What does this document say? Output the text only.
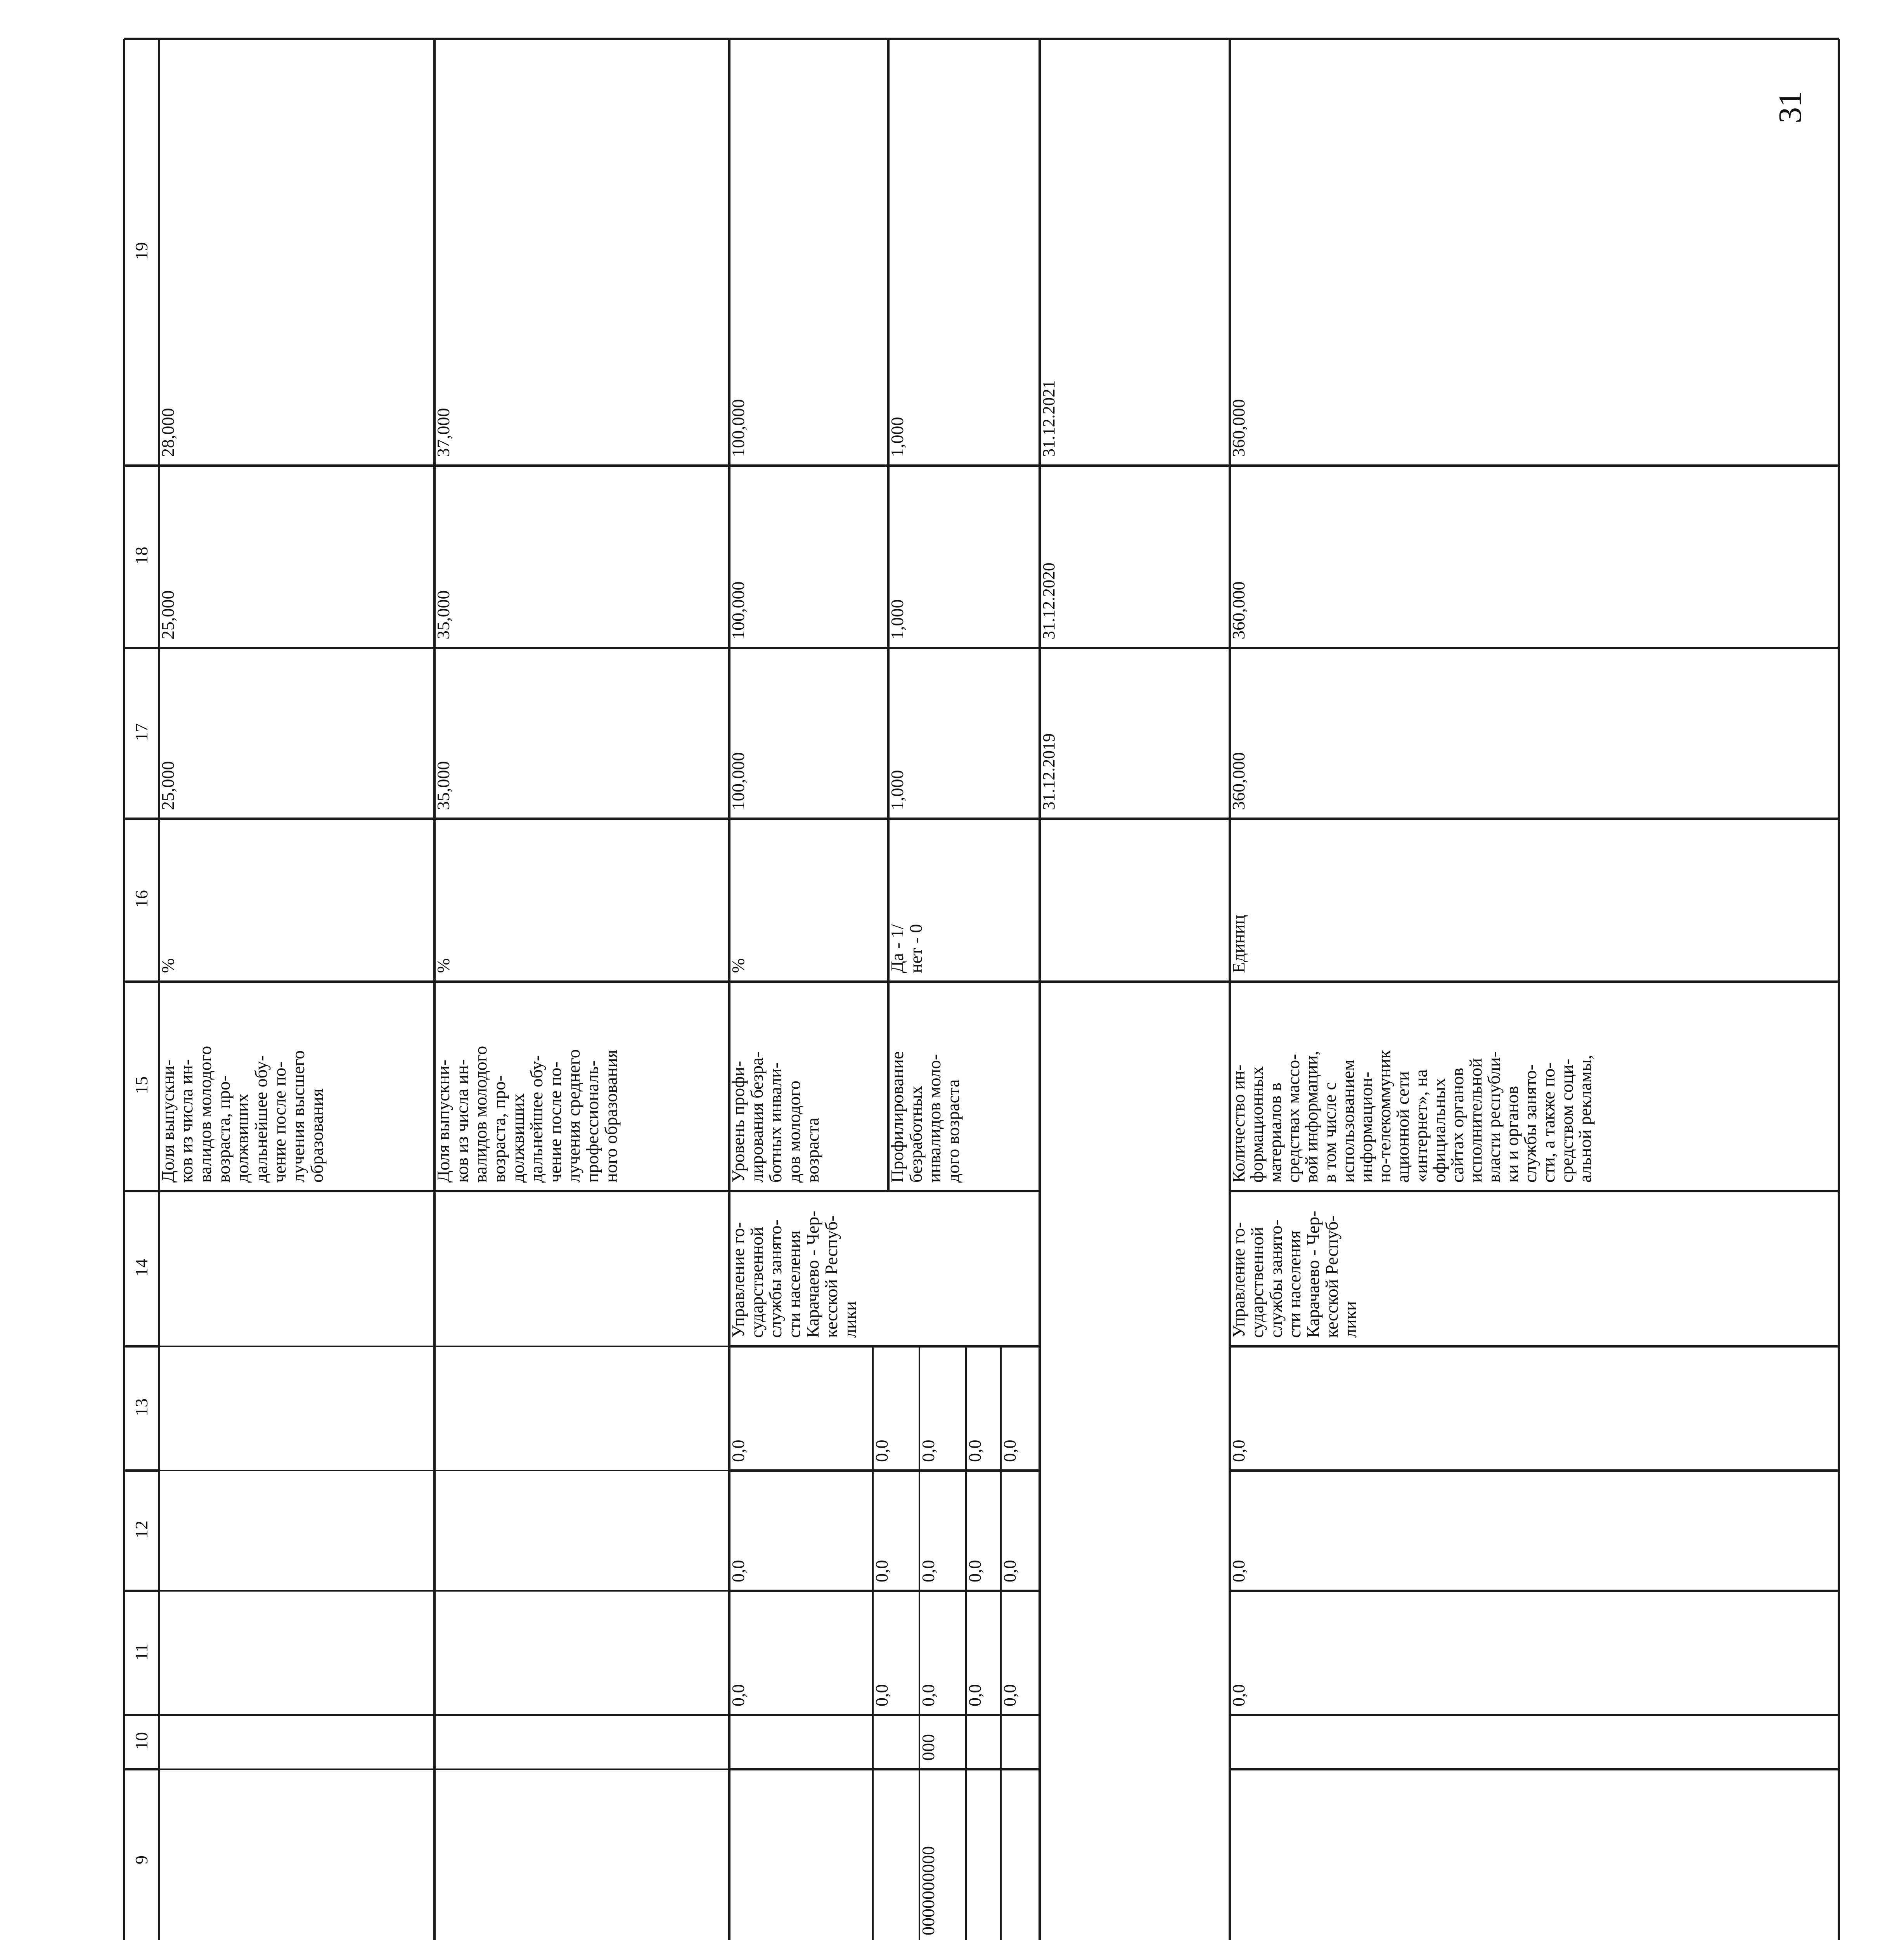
31
9
10
11
12
13
14
15
16
17
18
19
Доля выпускни-ков из числа ин-валидов молодоговозраста, про-должвишихдальнейшее обу-чение после по-лучения высшегообразования
%
25,000
25,000
28,000
Доля выпускни-ков из числа ин-валидов молодоговозраста, про-должвишихдальнейшее обу-чение после по-лучения среднегопрофессиональ-ного образования
%
35,000
35,000
37,000
0,0
0,0
0,0
0,0
0,0
0,0
0000000000
000
0,0
0,0
0,0
0,0
0,0
0,0
0,0
0,0
0,0
Управление го-сударственнойслужбы занято-сти населенияКарачаево - Чер-кесской Респуб-лики
Уровень профи-лирования безра-ботных инвали-дов молодоговозраста
%
100,000
100,000
100,000
Профилированиебезработныхинвалидов моло-дого возраста
Да - 1/нет - 0
1,000
1,000
1,000
31.12.2019
31.12.2020
31.12.2021
0,0
0,0
0,0
Управление го-сударственнойслужбы занято-сти населенияКарачаево - Чер-кесской Респуб-лики
Количество ин-формационныхматериалов всредствах массо-вой информации,в том числе сиспользованиеминформацион-но-телекоммуникационной сети«интернет», наофициальныхсайтах органовисполнительнойвласти республи-ки и органовслужбы занято-сти, а также по-средством соци-альной рекламы,
Единиц
360,000
360,000
360,000
